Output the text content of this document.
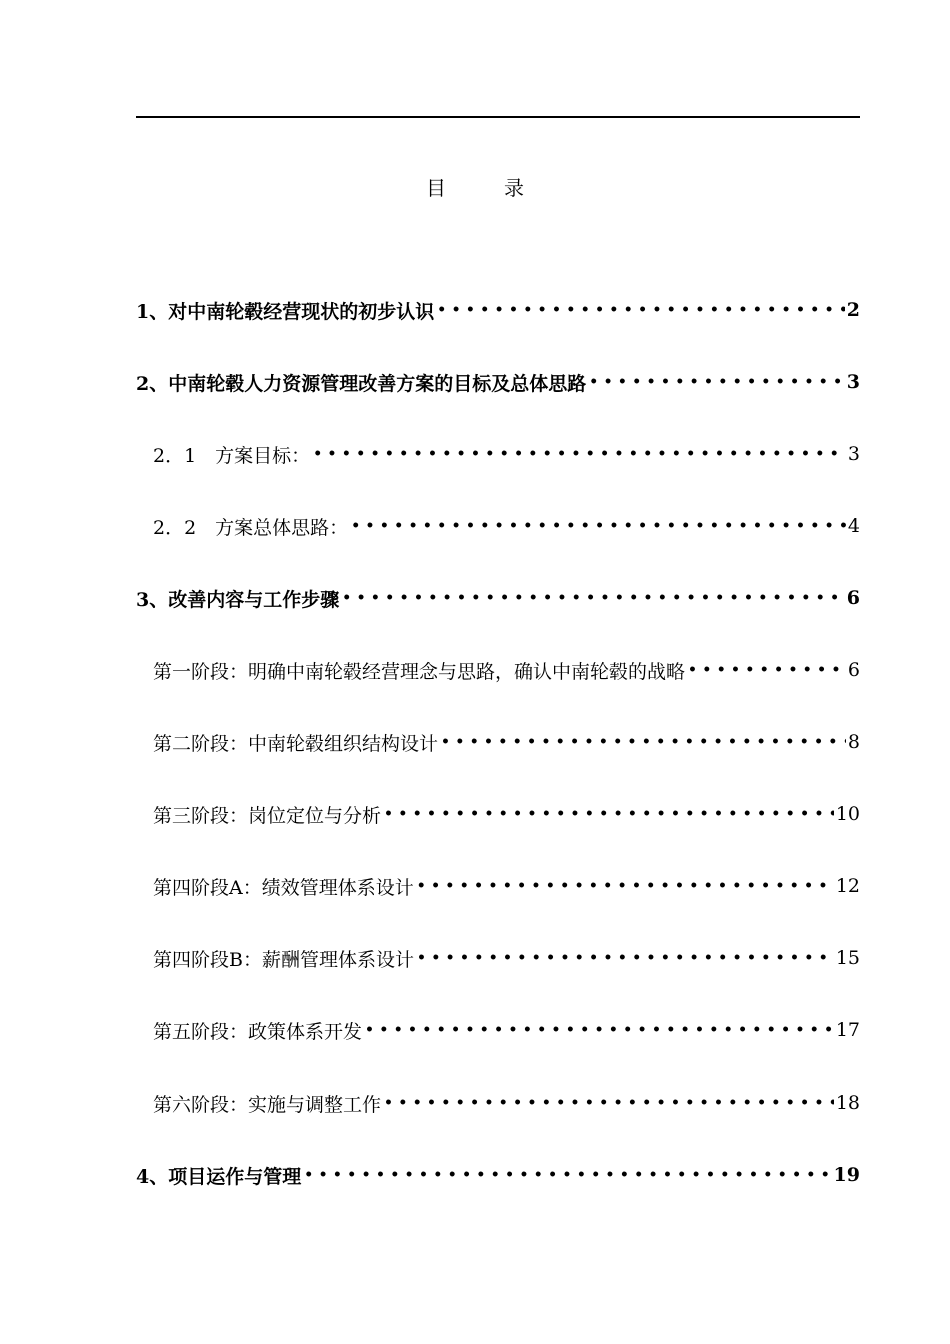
目	录
1、对中南轮毂经营现状的初步认识 •••••	2
2、中南轮毂人力资源管理改善方案的目标及总体思路 •••••	3
2．1　方案目标： •••••	3
2．2　方案总体思路： •••••	4
3、改善内容与工作步骤 •••••	6
第一阶段：明确中南轮毂经营理念与思路，确认中南轮毂的战略 •••••	6
第二阶段：中南轮毂组织结构设计 •••••	8
第三阶段：岗位定位与分析 •••••	10
第四阶段A：绩效管理体系设计 •••••	12
第四阶段B：薪酬管理体系设计 •••••	15
第五阶段：政策体系开发 •••••	17
第六阶段：实施与调整工作 •••••	18
4、项目运作与管理 •••••	19
